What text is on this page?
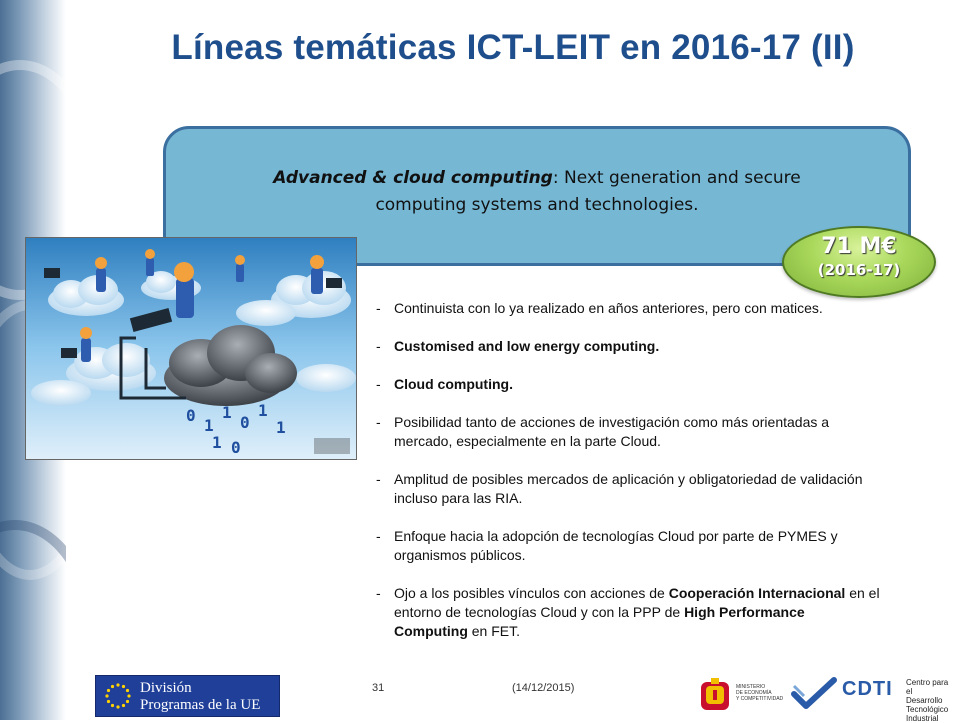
Líneas temáticas ICT-LEIT en 2016-17 (II)
Advanced & cloud computing: Next generation and secure
computing systems and technologies.
0
1
1
0
1
1
1 0
71 M€
(2016-17)
- Continuista con lo ya realizado en años anteriores, pero con matices.
- Customised and low energy computing.
- Cloud computing.
- Posibilidad tanto de acciones de investigación como más orientadas a mercado, especialmente en la parte Cloud.
- Amplitud de posibles mercados de aplicación y obligatoriedad de validación incluso para las RIA.
- Enfoque hacia la adopción de tecnologías Cloud por parte de PYMES y organismos públicos.
- Ojo a los posibles vínculos con acciones de Cooperación Internacional en el entorno de tecnologías Cloud y con la PPP de High Performance Computing en FET.
División
Programas de la UE
31	(14/12/2015)	MINISTERIO
DE ECONOMÍA
Y COMPETITIVIDAD	CDTI Centro para el
Desarrollo
Tecnológico
Industrial
